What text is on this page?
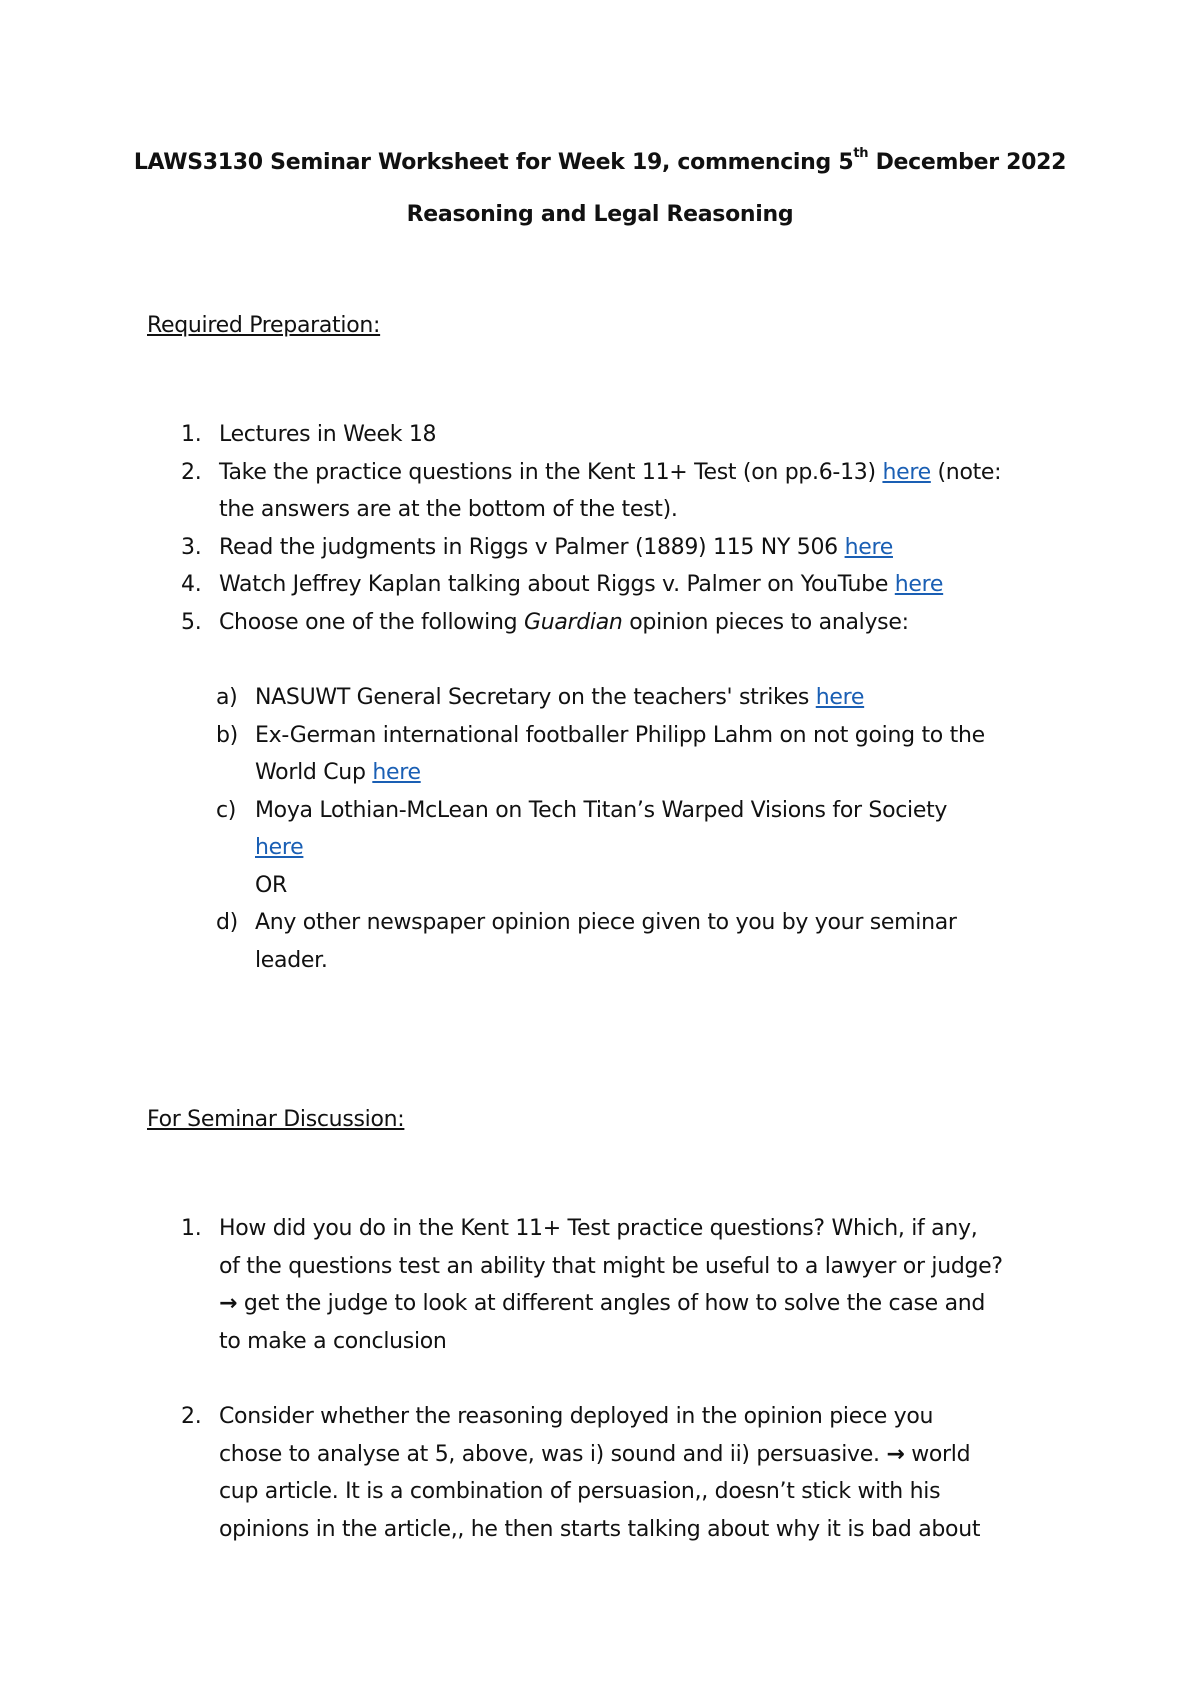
LAWS3130 Seminar Worksheet for Week 19, commencing 5th December 2022
Reasoning and Legal Reasoning
Required Preparation:
1. Lectures in Week 18
2. Take the practice questions in the Kent 11+ Test (on pp.6-13) here (note:
the answers are at the bottom of the test).
3. Read the judgments in Riggs v Palmer (1889) 115 NY 506 here
4. Watch Jeffrey Kaplan talking about Riggs v. Palmer on YouTube here
5. Choose one of the following Guardian opinion pieces to analyse:
a) NASUWT General Secretary on the teachers' strikes here
b) Ex-German international footballer Philipp Lahm on not going to the
World Cup here
c) Moya Lothian-McLean on Tech Titan’s Warped Visions for Society
here
OR
d) Any other newspaper opinion piece given to you by your seminar
leader.
For Seminar Discussion:
1. How did you do in the Kent 11+ Test practice questions? Which, if any,
of the questions test an ability that might be useful to a lawyer or judge?
→ get the judge to look at different angles of how to solve the case and
to make a conclusion
2. Consider whether the reasoning deployed in the opinion piece you
chose to analyse at 5, above, was i) sound and ii) persuasive. → world
cup article. It is a combination of persuasion,, doesn’t stick with his
opinions in the article,, he then starts talking about why it is bad about
